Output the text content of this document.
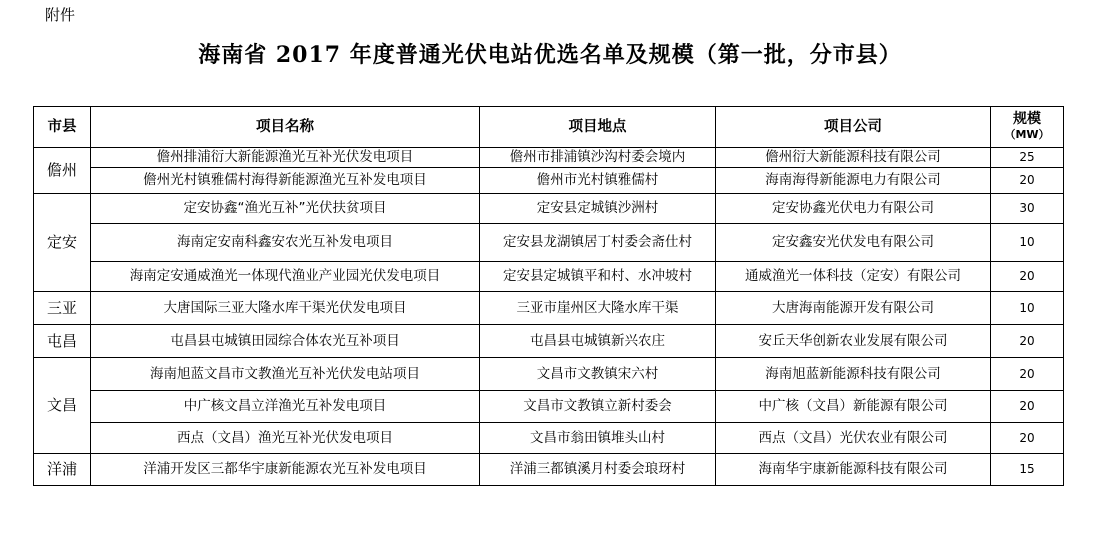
附件
海南省 2017 年度普通光伏电站优选名单及规模（第一批，分市县）
市县	项目名称	项目地点	项目公司	规模
（MW）

儋州	儋州排浦衍大新能源渔光互补光伏发电项目	儋州市排浦镇沙沟村委会境内	儋州衍大新能源科技有限公司	25
	儋州光村镇雅儒村海得新能源渔光互补发电项目	儋州市光村镇雅儒村	海南海得新能源电力有限公司	20
定安	定安协鑫“渔光互补”光伏扶贫项目	定安县定城镇沙洲村	定安协鑫光伏电力有限公司	30
	海南定安南科鑫安农光互补发电项目	定安县龙湖镇居丁村委会斋仕村	定安鑫安光伏发电有限公司	10
	海南定安通威渔光一体现代渔业产业园光伏发电项目	定安县定城镇平和村、水冲坡村	通威渔光一体科技（定安）有限公司	20
三亚	大唐国际三亚大隆水库干渠光伏发电项目	三亚市崖州区大隆水库干渠	大唐海南能源开发有限公司	10
屯昌	屯昌县屯城镇田园综合体农光互补项目	屯昌县屯城镇新兴农庄	安丘天华创新农业发展有限公司	20
文昌	海南旭蓝文昌市文教渔光互补光伏发电站项目	文昌市文教镇宋六村	海南旭蓝新能源科技有限公司	20
	中广核文昌立洋渔光互补发电项目	文昌市文教镇立新村委会	中广核（文昌）新能源有限公司	20
	西点（文昌）渔光互补光伏发电项目	文昌市翁田镇堆头山村	西点（文昌）光伏农业有限公司	20
洋浦	洋浦开发区三都华宇康新能源农光互补发电项目	洋浦三都镇溪月村委会琅玡村	海南华宇康新能源科技有限公司	15
